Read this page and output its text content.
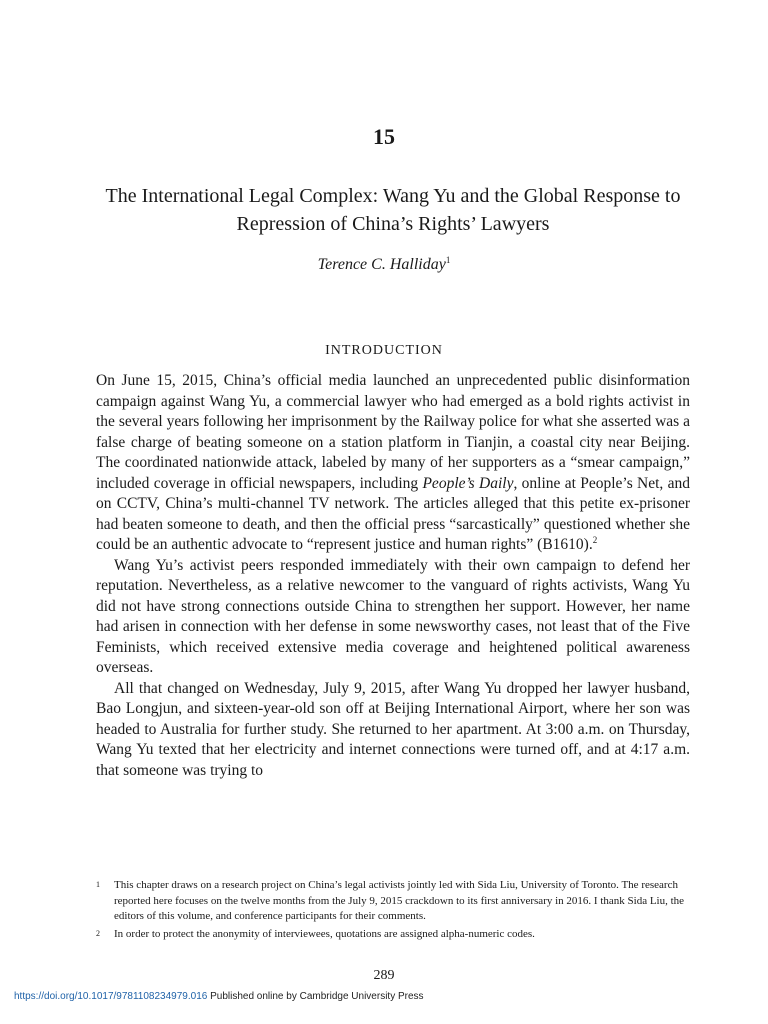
15
The International Legal Complex: Wang Yu and the Global Response to Repression of China’s Rights’ Lawyers
Terence C. Halliday$^1$
INTRODUCTION

On June 15, 2015, China’s official media launched an unprecedented public disinformation campaign against Wang Yu, a commercial lawyer who had emerged as a bold rights activist in the several years following her imprisonment by the Railway police for what she asserted was a false charge of beating someone on a station platform in Tianjin, a coastal city near Beijing. The coordinated nationwide attack, labeled by many of her supporters as a “smear campaign,” included coverage in official newspapers, including People’s Daily, online at People’s Net, and on CCTV, China’s multi-channel TV network. The articles alleged that this petite ex-prisoner had beaten someone to death, and then the official press “sarcastically” questioned whether she could be an authentic advocate to “represent justice and human rights” (B1610).$^2$

Wang Yu’s activist peers responded immediately with their own campaign to defend her reputation. Nevertheless, as a relative newcomer to the vanguard of rights activists, Wang Yu did not have strong connections outside China to strengthen her support. However, her name had arisen in connection with her defense in some newsworthy cases, not least that of the Five Feminists, which received extensive media coverage and heightened political awareness overseas.

All that changed on Wednesday, July 9, 2015, after Wang Yu dropped her lawyer husband, Bao Longjun, and sixteen-year-old son off at Beijing International Airport, where her son was headed to Australia for further study. She returned to her apartment. At 3:00 a.m. on Thursday, Wang Yu texted that her electricity and internet connections were turned off, and at 4:17 a.m. that someone was trying to

1 This chapter draws on a research project on China’s legal activists jointly led with Sida Liu, University of Toronto. The research reported here focuses on the twelve months from the July 9, 2015 crackdown to its first anniversary in 2016. I thank Sida Liu, the editors of this volume, and conference participants for their comments.
2 In order to protect the anonymity of interviewees, quotations are assigned alpha-numeric codes.
289
https://doi.org/10.1017/9781108234979.016 Published online by Cambridge University Press
